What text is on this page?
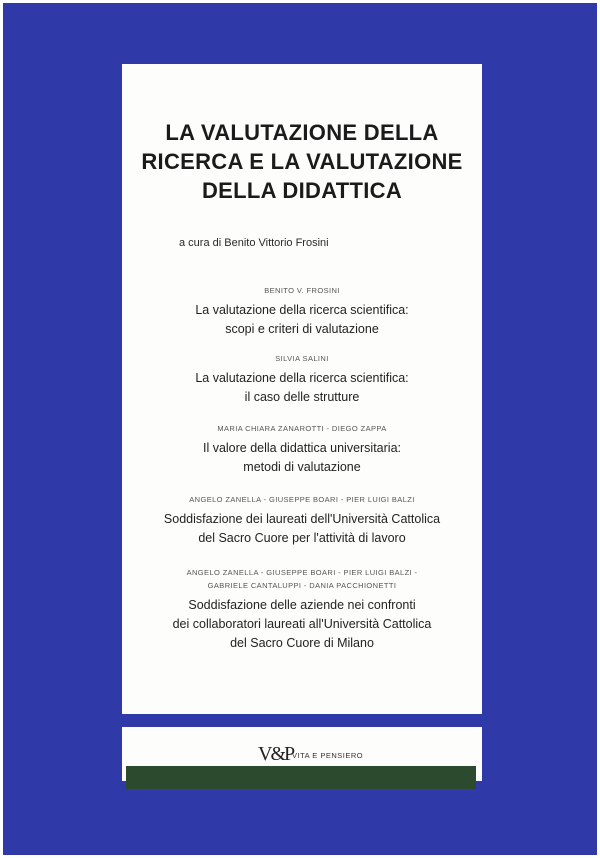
LA VALUTAZIONE DELLA
RICERCA E LA VALUTAZIONE
DELLA DIDATTICA
a cura di Benito Vittorio Frosini
BENITO V. FROSINI
La valutazione della ricerca scientifica:
scopi e criteri di valutazione
SILVIA SALINI
La valutazione della ricerca scientifica:
il caso delle strutture
MARIA CHIARA ZANAROTTI - DIEGO ZAPPA
Il valore della didattica universitaria:
metodi di valutazione
ANGELO ZANELLA - GIUSEPPE BOARI - PIER LUIGI BALZI
Soddisfazione dei laureati dell'Università Cattolica
del Sacro Cuore per l'attività di lavoro
ANGELO ZANELLA - GIUSEPPE BOARI - PIER LUIGI BALZI -
GABRIELE CANTALUPPI - DANIA PACCHIONETTI
Soddisfazione delle aziende nei confronti
dei collaboratori laureati all'Università Cattolica
del Sacro Cuore di Milano
V&P
VITA E PENSIERO
